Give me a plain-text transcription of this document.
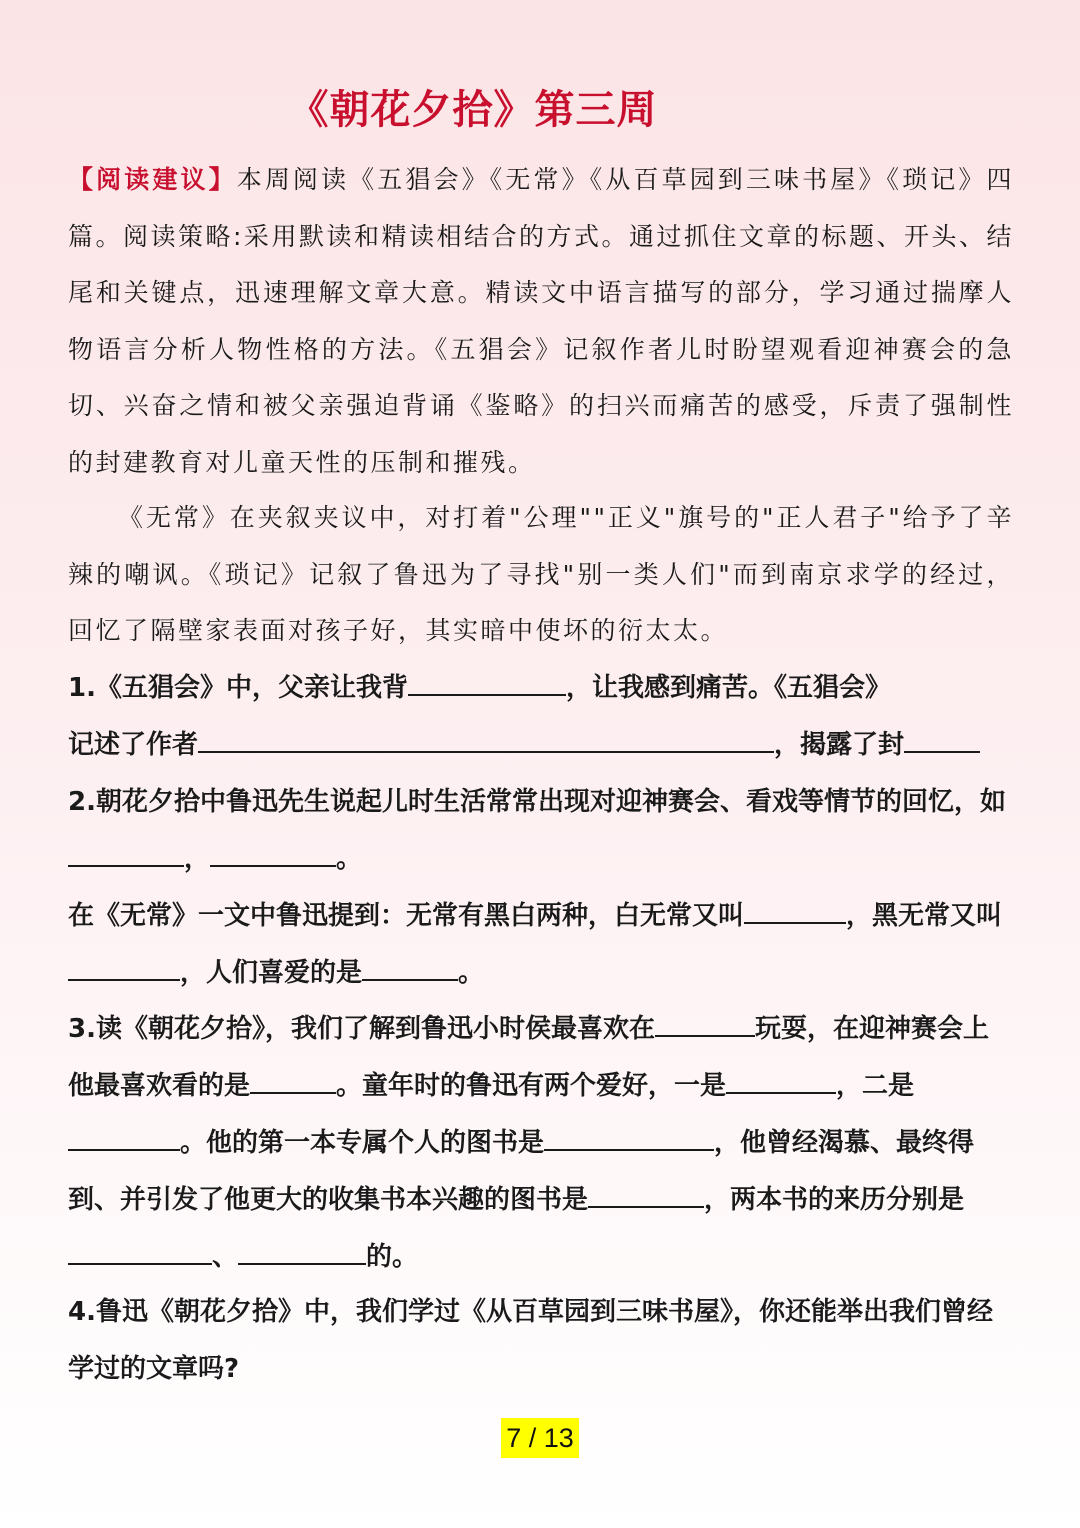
《朝花夕拾》第三周

【阅读建议】本周阅读《五猖会》《无常》《从百草园到三味书屋》《琐记》四篇。阅读策略:采用默读和精读相结合的方式。通过抓住文章的标题、开头、结尾和关键点，迅速理解文章大意。精读文中语言描写的部分，学习通过揣摩人物语言分析人物性格的方法。《五猖会》记叙作者儿时盼望观看迎神赛会的急切、兴奋之情和被父亲强迫背诵《鉴略》的扫兴而痛苦的感受，斥责了强制性的封建教育对儿童天性的压制和摧残。

《无常》在夹叙夹议中，对打着"公理""正义"旗号的"正人君子"给予了辛辣的嘲讽。《琐记》记叙了鲁迅为了寻找"别一类人们"而到南京求学的经过，回忆了隔壁家表面对孩子好，其实暗中使坏的衍太太。

1.《五猖会》中，父亲让我背	，让我感到痛苦。《五猖会》
记述了作者	，揭露了封

2.朝花夕拾中鲁迅先生说起儿时生活常常出现对迎神赛会、看戏等情节的回忆，如，	。
在《无常》一文中鲁迅提到：无常有黑白两种，白无常又叫	，黑无常又叫，人们喜爱的是	。

3.读《朝花夕拾》，我们了解到鲁迅小时侯最喜欢在	玩耍，在迎神赛会上他最喜欢看的是	。童年时的鲁迅有两个爱好，一是	，二是。他的第一本专属个人的图书是	，他曾经渴慕、最终得到、并引发了他更大的收集书本兴趣的图书是	，两本书的来历分别是、	的。

4.鲁迅《朝花夕拾》中，我们学过《从百草园到三味书屋》，你还能举出我们曾经学过的文章吗?

7 / 13
